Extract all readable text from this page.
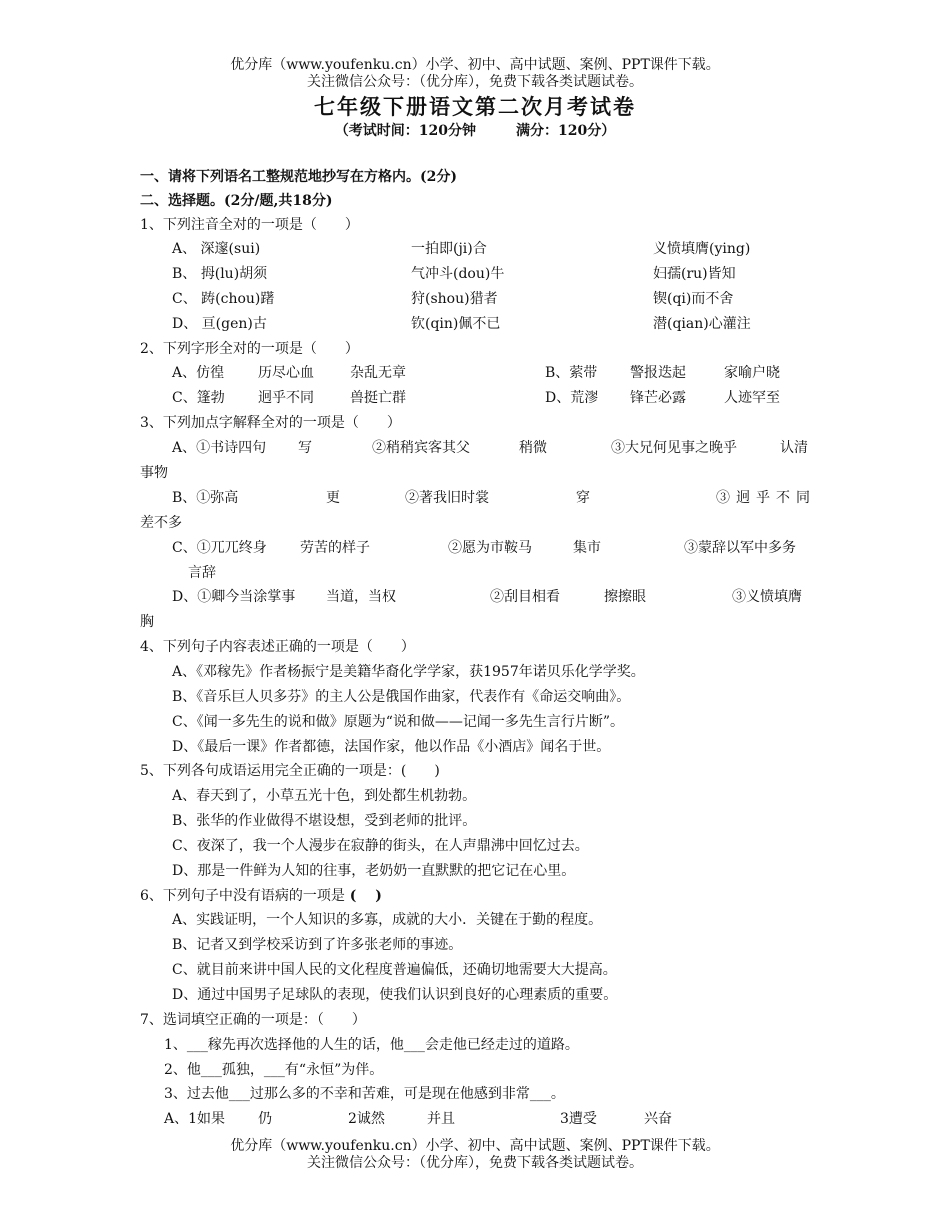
优分库（www.youfenku.cn）小学、初中、高中试题、案例、PPT课件下载。
关注微信公众号：（优分库），免费下载各类试题试卷。
七年级下册语文第二次月考试卷
（考试时间：120分钟	满分：120分）
一、请将下列语名工整规范地抄写在方格内。(2分)
二、选择题。(2分/题,共18分)
1、下列注音全对的一项是（　　）
A、 深邃(sui)	一拍即(ji)合	义愤填膺(ying)
B、 拇(lu)胡须	气冲斗(dou)牛	妇孺(ru)皆知
C、 踌(chou)躇	狩(shou)猎者	锲(qi)而不舍
D、 亘(gen)古	钦(qin)佩不已	潜(qian)心灌注
2、下列字形全对的一项是（　　）
A、仿徨 历尽心血	杂乱无章	B、萦带 警报迭起	家喻户晓
C、篷勃 迥乎不同	兽挺亡群	D、荒漻 锋芒必露	人迹罕至
3、下列加点字解释全对的一项是（　　）
A、①书诗四句 写	②稍稍宾客其父	稍微	③大兄何见事之晚乎	认清
事物
B、①弥高	更	②著我旧时裳	穿	③迥乎不同
差不多
C、①兀兀终身 劳苦的样子	②愿为市鞍马	集市	③蒙辞以军中多务
言辞
D、①卿今当涂掌事 当道，当权	②刮目相看	擦擦眼	③义愤填膺
胸
4、下列句子内容表述正确的一项是（　　）
A、《邓稼先》作者杨振宁是美籍华裔化学学家，获1957年诺贝乐化学学奖。
B、《音乐巨人贝多芬》的主人公是俄国作曲家，代表作有《命运交响曲》。
C、《闻一多先生的说和做》原题为“说和做——记闻一多先生言行片断”。
D、《最后一课》作者都德，法国作家，他以作品《小酒店》闻名于世。
5、下列各句成语运用完全正确的一项是：(　　)
A、春天到了，小草五光十色，到处都生机勃勃。
B、张华的作业做得不堪设想，受到老师的批评。
C、夜深了，我一个人漫步在寂静的街头，在人声鼎沸中回忆过去。
D、那是一件鲜为人知的往事，老奶奶一直默默的把它记在心里。
6、下列句子中没有语病的一项是 (　 )
A、实践证明，一个人知识的多寡，成就的大小．关键在于勤的程度。
B、记者又到学校采访到了许多张老师的事迹。
C、就目前来讲中国人民的文化程度普遍偏低，还确切地需要大大提高。
D、通过中国男子足球队的表现，使我们认识到良好的心理素质的重要。
7、选词填空正确的一项是：（　　）
1、___稼先再次选择他的人生的话，他___会走他已经走过的道路。
2、他___孤独，___有“永恒”为伴。
3、过去他___过那么多的不幸和苦难，可是现在他感到非常___。
A、1如果 仍	2诚然	并且	3遭受	兴奋
优分库（www.youfenku.cn）小学、初中、高中试题、案例、PPT课件下载。
关注微信公众号：（优分库），免费下载各类试题试卷。
